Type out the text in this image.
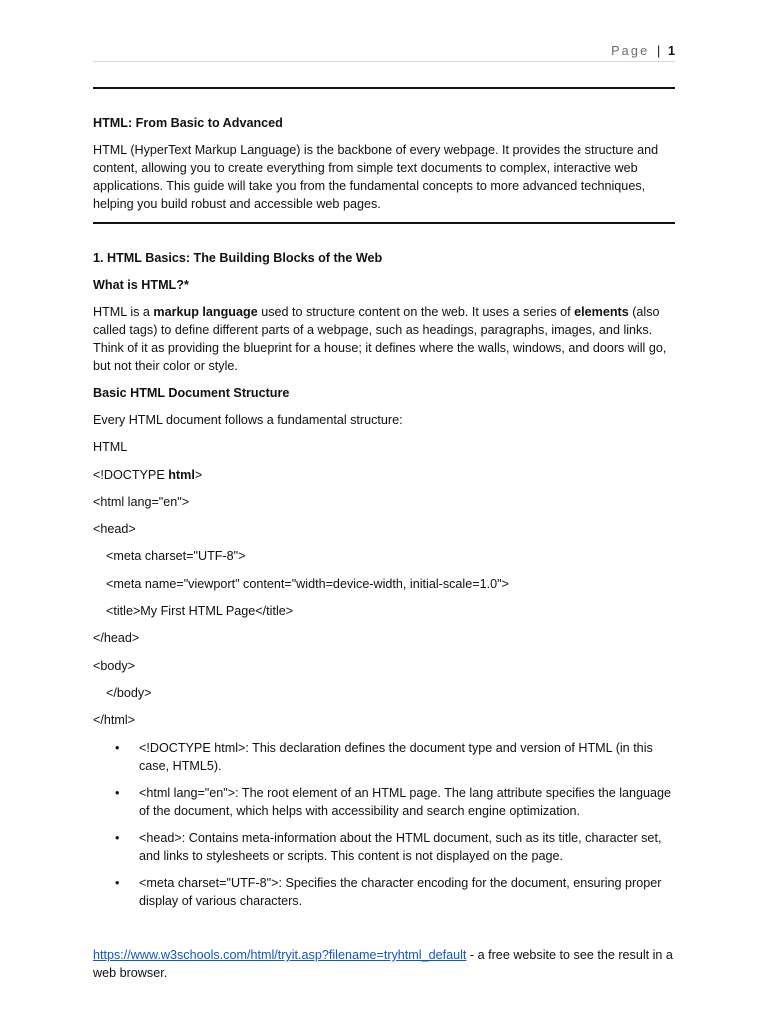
Page | 1

HTML: From Basic to Advanced

HTML (HyperText Markup Language) is the backbone of every webpage. It provides the structure and content, allowing you to create everything from simple text documents to complex, interactive web applications. This guide will take you from the fundamental concepts to more advanced techniques, helping you build robust and accessible web pages.

1. HTML Basics: The Building Blocks of the Web

What is HTML?*

HTML is a markup language used to structure content on the web. It uses a series of elements (also called tags) to define different parts of a webpage, such as headings, paragraphs, images, and links. Think of it as providing the blueprint for a house; it defines where the walls, windows, and doors will go, but not their color or style.

Basic HTML Document Structure

Every HTML document follows a fundamental structure:

HTML

<!DOCTYPE html>

<html lang="en">

<head>

<meta charset="UTF-8">

<meta name="viewport" content="width=device-width, initial-scale=1.0">

<title>My First HTML Page</title>

</head>

<body>

</body>

</html>

• <!DOCTYPE html>: This declaration defines the document type and version of HTML (in this case, HTML5).
• <html lang="en">: The root element of an HTML page. The lang attribute specifies the language of the document, which helps with accessibility and search engine optimization.
• <head>: Contains meta-information about the HTML document, such as its title, character set, and links to stylesheets or scripts. This content is not displayed on the page.
• <meta charset="UTF-8">: Specifies the character encoding for the document, ensuring proper display of various characters.

https://www.w3schools.com/html/tryit.asp?filename=tryhtml_default - a free website to see the result in a web browser.
